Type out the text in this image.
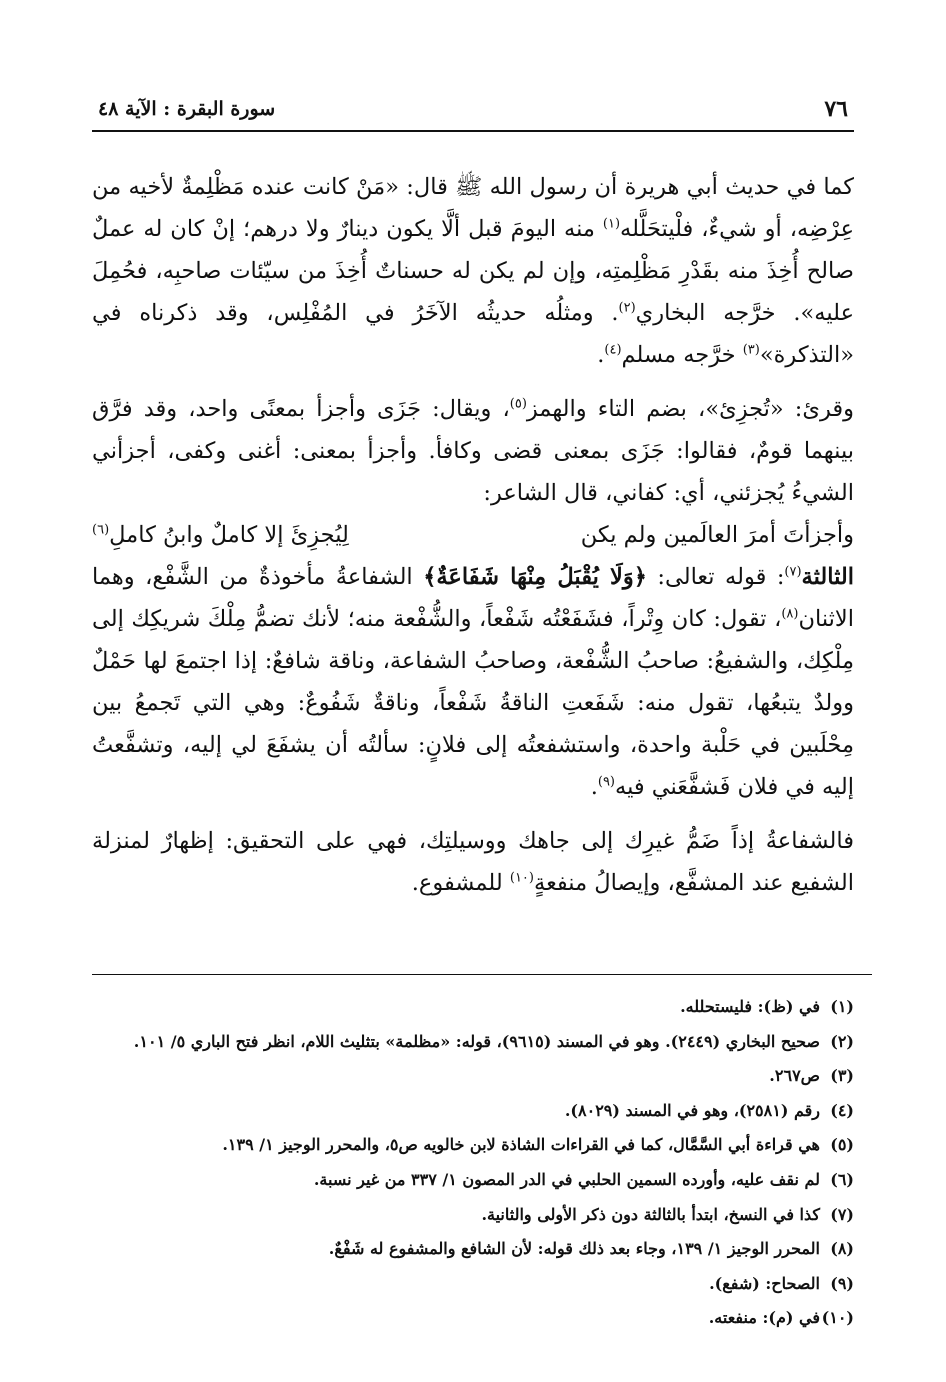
٧٦
سورة البقرة : الآية ٤٨

كما في حديث أبي هريرة أن رسول الله ﷺ قال: «مَنْ كانت عنده مَظْلِمةٌ لأخيه من عِرْضِه، أو شيءٌ، فلْيتحَلَّله$^{(١)}$ منه اليومَ قبل ألَّا يكون دينارٌ ولا درهم؛ إنْ كان له عملٌ صالح أُخِذَ منه بقَدْرِ مَظْلِمتِه، وإن لم يكن له حسناتٌ أُخِذَ من سيّئات صاحبِه، فحُمِلَ عليه». خرَّجه البخاري$^{(٢)}$. ومثلُه حديثُه الآخَرُ في المُفْلِس، وقد ذكرناه في «التذكرة»$^{(٣)}$ خرَّجه مسلم$^{(٤)}$.

وقرئ: «تُجزِئ»، بضم التاء والهمز$^{(٥)}$، ويقال: جَزَى وأجزأ بمعنًى واحد، وقد فرَّق بينهما قومٌ، فقالوا: جَزَى بمعنى قضى وكافأ. وأجزأ بمعنى: أغنى وكفى، أجزأني الشيءُ يُجزئني، أي: كفاني، قال الشاعر:

وأجزأتَ أمرَ العالَمين ولم يكن
لِيُجزِئَ إلا كاملٌ وابنُ كاملِ$^{(٦)}$

الثالثة$^{(٧)}$: قوله تعالى: ﴿وَلَا يُقْبَلُ مِنْهَا شَفَاعَةٌ﴾ الشفاعةُ مأخوذةٌ من الشَّفْع، وهما الاثنان$^{(٨)}$، تقول: كان وِتْراً، فشَفَعْتُه شَفْعاً، والشُّفْعة منه؛ لأنك تضمُّ مِلْكَ شريكِك إلى مِلْكِك، والشفيعُ: صاحبُ الشُّفْعة، وصاحبُ الشفاعة، وناقة شافعٌ: إذا اجتمعَ لها حَمْلٌ وولدٌ يتبعُها، تقول منه: شَفَعتِ الناقةُ شَفْعاً، وناقةٌ شَفُوعٌ: وهي التي تَجمعُ بين مِحْلَبين في حَلْبة واحدة، واستشفعتُه إلى فلانٍ: سألتُه أن يشفَعَ لي إليه، وتشفَّعتُ إليه في فلان فَشفَّعَني فيه$^{(٩)}$.

فالشفاعةُ إذاً ضَمُّ غيرِك إلى جاهك ووسيلتِك، فهي على التحقيق: إظهارٌ لمنزلة الشفيع عند المشفَّع، وإيصالُ منفعةٍ$^{(١٠)}$ للمشفوع.

(١)
في (ظ): فليستحلله.
(٢)
صحيح البخاري (٢٤٤٩). وهو في المسند (٩٦١٥)، قوله: «مظلمة» بتثليث اللام، انظر فتح الباري ٥/ ١٠١.
(٣)
ص٢٦٧.
(٤)
رقم (٢٥٨١)، وهو في المسند (٨٠٢٩).
(٥)
هي قراءة أبي السَّمَّال، كما في القراءات الشاذة لابن خالويه ص٥، والمحرر الوجيز ١/ ١٣٩.
(٦)
لم نقف عليه، وأورده السمين الحلبي في الدر المصون ١/ ٣٣٧ من غير نسبة.
(٧)
كذا في النسخ، ابتدأ بالثالثة دون ذكر الأولى والثانية.
(٨)
المحرر الوجيز ١/ ١٣٩، وجاء بعد ذلك قوله: لأن الشافع والمشفوع له شَفْعٌ.
(٩)
الصحاح: (شفع).
(١٠)
في (م): منفعته.
